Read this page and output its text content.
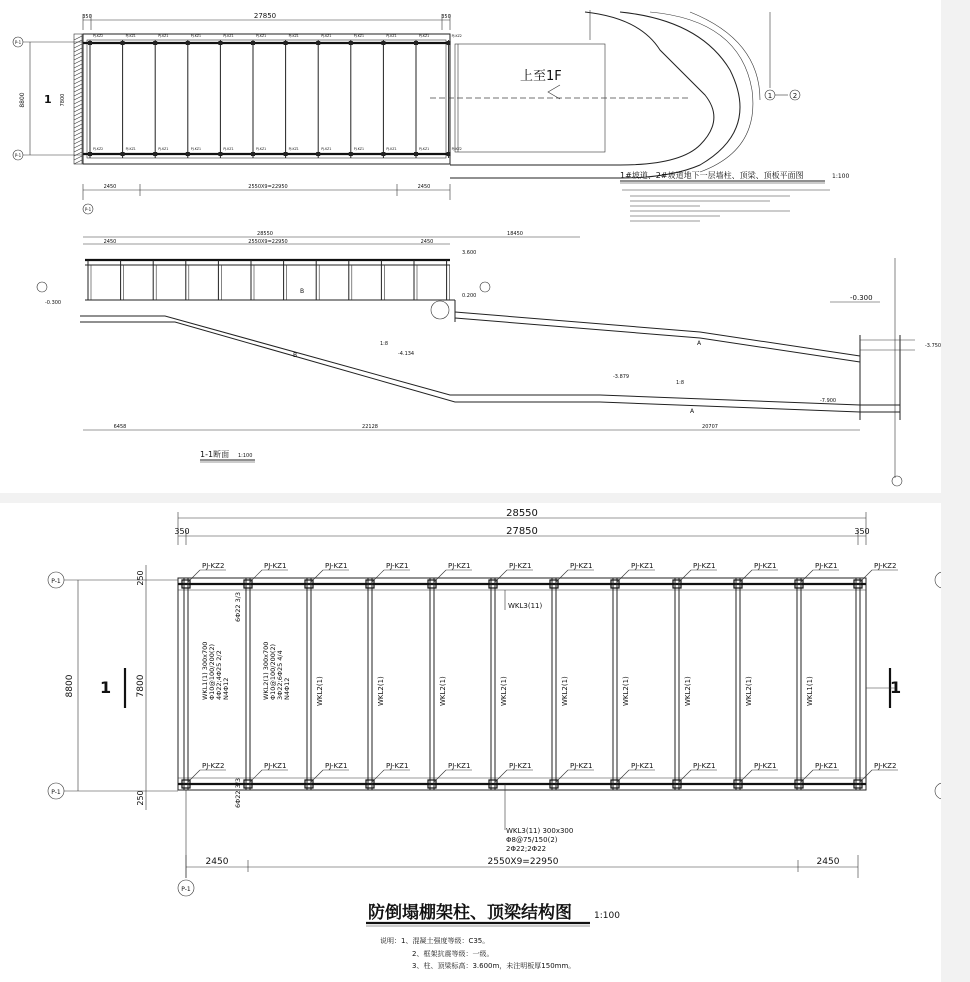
27850
350	350
PJ-KZ2
PJ-KZ2
PJ-KZ1
PJ-KZ1
PJ-KZ1
PJ-KZ1
PJ-KZ1
PJ-KZ1
PJ-KZ1
PJ-KZ1
PJ-KZ1
PJ-KZ1
PJ-KZ1
PJ-KZ1
PJ-KZ1
PJ-KZ1
PJ-KZ1
PJ-KZ1
PJ-KZ1
PJ-KZ1
PJ-KZ1
PJ-KZ1
PJ-KZ2
PJ-KZ2
P-1
P-1
8800	7800
1
2450	2550X9=22950	2450
P-1
上至1F
1	2
1#坡道、2#坡道地下一层墙柱、顶梁、顶板平面图	1:100
28550	18450
2450	2550X9=22950	2450
3.600
-0.300
0.200	-0.300
-7.900
-3.750
-4.134
-3.879
1:8
1:8
A
A
B
B
6458	22128	20707
1-1断面 1:100
28550
27850
350	350
PJ-KZ2	PJ-KZ1	PJ-KZ1	PJ-KZ1	PJ-KZ1	PJ-KZ1	PJ-KZ1	PJ-KZ1	PJ-KZ1	PJ-KZ1	PJ-KZ1	PJ-KZ2
PJ-KZ2	PJ-KZ1	PJ-KZ1	PJ-KZ1	PJ-KZ1	PJ-KZ1	PJ-KZ1	PJ-KZ1	PJ-KZ1	PJ-KZ1	PJ-KZ1	PJ-KZ2
WKL2(1)	WKL2(1)	WKL2(1)	WKL2(1)	WKL2(1)	WKL2(1)	WKL2(1)	WKL2(1)	WKL1(1)
WKL1(1) 300x700 Φ10@100/200(2) 4Φ22;4Φ25 2/2 N4Φ12	WKL2(1) 300x700 Φ10@100/200(2) 3Φ22;6Φ25 4/4 N4Φ12
6Φ22 3/3
6Φ22 3/3
WKL3(11)
WKL3(11) 300x300
Φ8@75/150(2)
2Φ22;2Φ22
P-1
P-1
8800	7800
250
250
1	1
2450	2550X9=22950	2450
P-1
防倒塌棚架柱、顶梁结构图 1:100
说明：1、混凝土强度等级：C35。
2、框架抗震等级：一级。
3、柱、顶梁标高：3.600m，未注明板厚150mm。
